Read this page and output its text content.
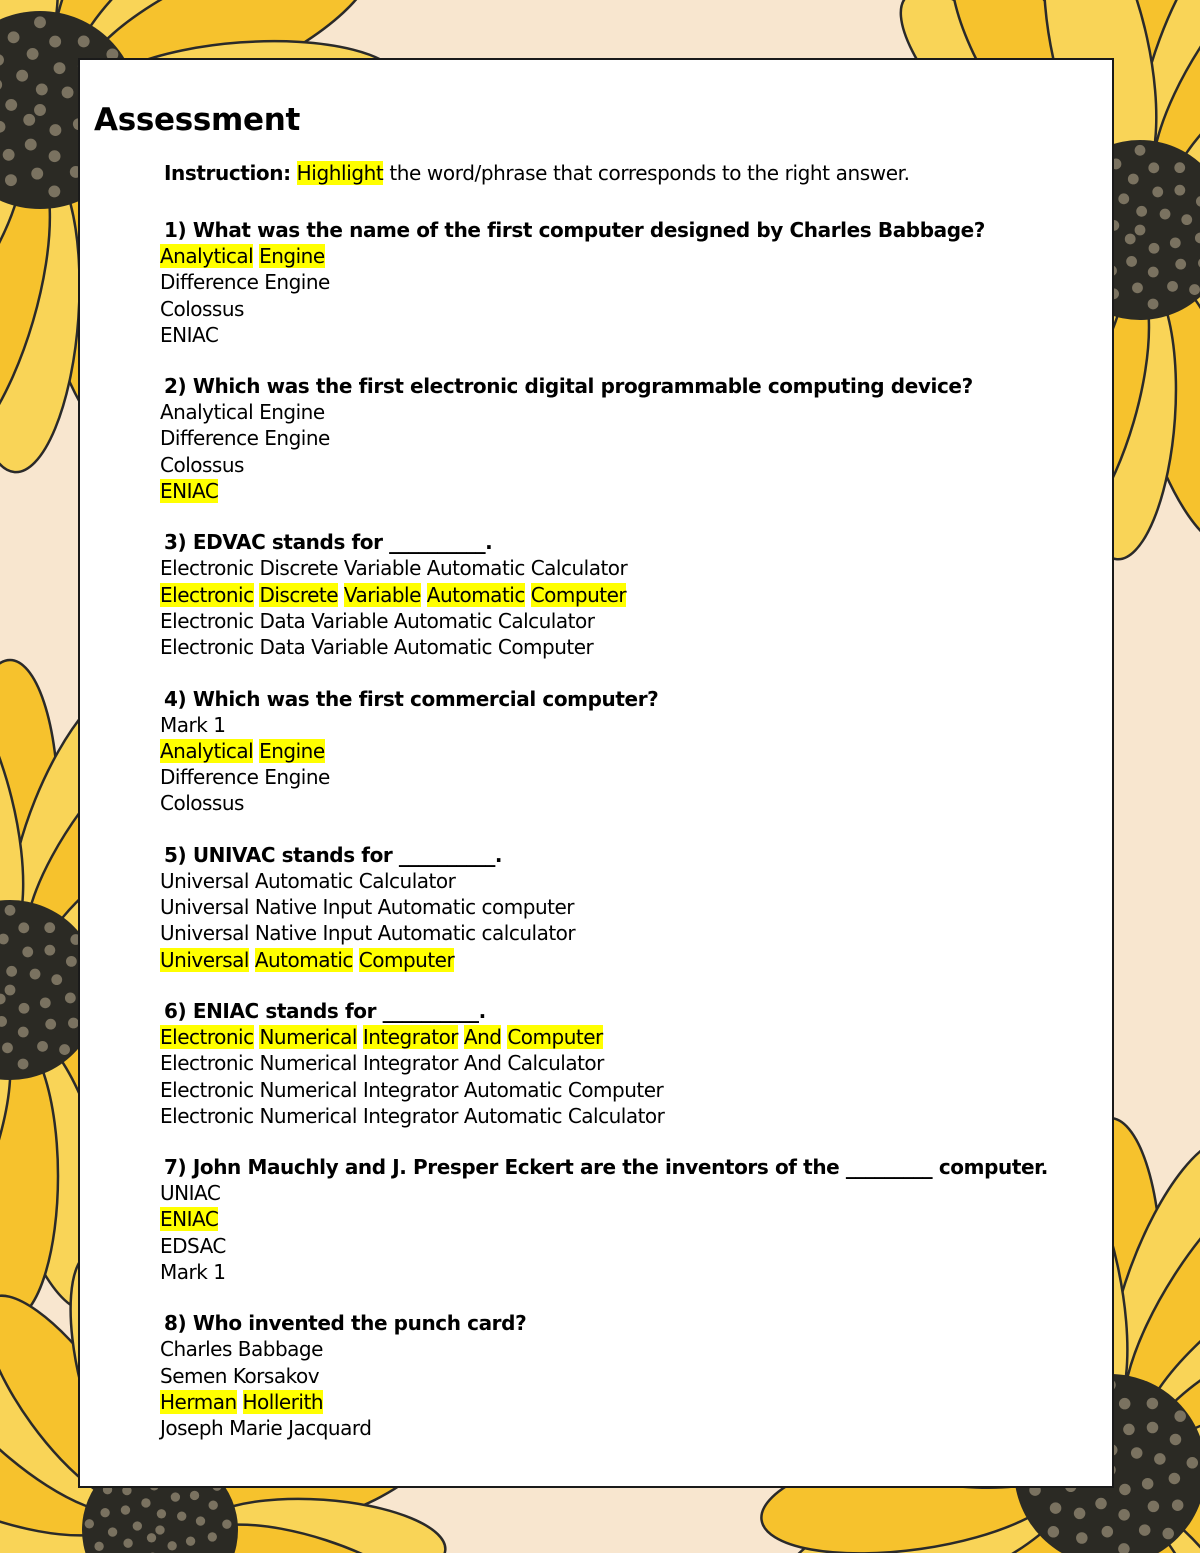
Assessment
Instruction: Highlight the word/phrase that corresponds to the right answer.
1) What was the name of the first computer designed by Charles Babbage?
Analytical Engine
Difference Engine
Colossus
ENIAC
2) Which was the first electronic digital programmable computing device?
Analytical Engine
Difference Engine
Colossus
ENIAC
3) EDVAC stands for __________.
Electronic Discrete Variable Automatic Calculator
Electronic Discrete Variable Automatic Computer
Electronic Data Variable Automatic Calculator
Electronic Data Variable Automatic Computer
4) Which was the first commercial computer?
Mark 1
Analytical Engine
Difference Engine
Colossus
5) UNIVAC stands for __________.
Universal Automatic Calculator
Universal Native Input Automatic computer
Universal Native Input Automatic calculator
Universal Automatic Computer
6) ENIAC stands for __________.
Electronic Numerical Integrator And Computer
Electronic Numerical Integrator And Calculator
Electronic Numerical Integrator Automatic Computer
Electronic Numerical Integrator Automatic Calculator
7) John Mauchly and J. Presper Eckert are the inventors of the _________ computer.
UNIAC
ENIAC
EDSAC
Mark 1
8) Who invented the punch card?
Charles Babbage
Semen Korsakov
Herman Hollerith
Joseph Marie Jacquard
